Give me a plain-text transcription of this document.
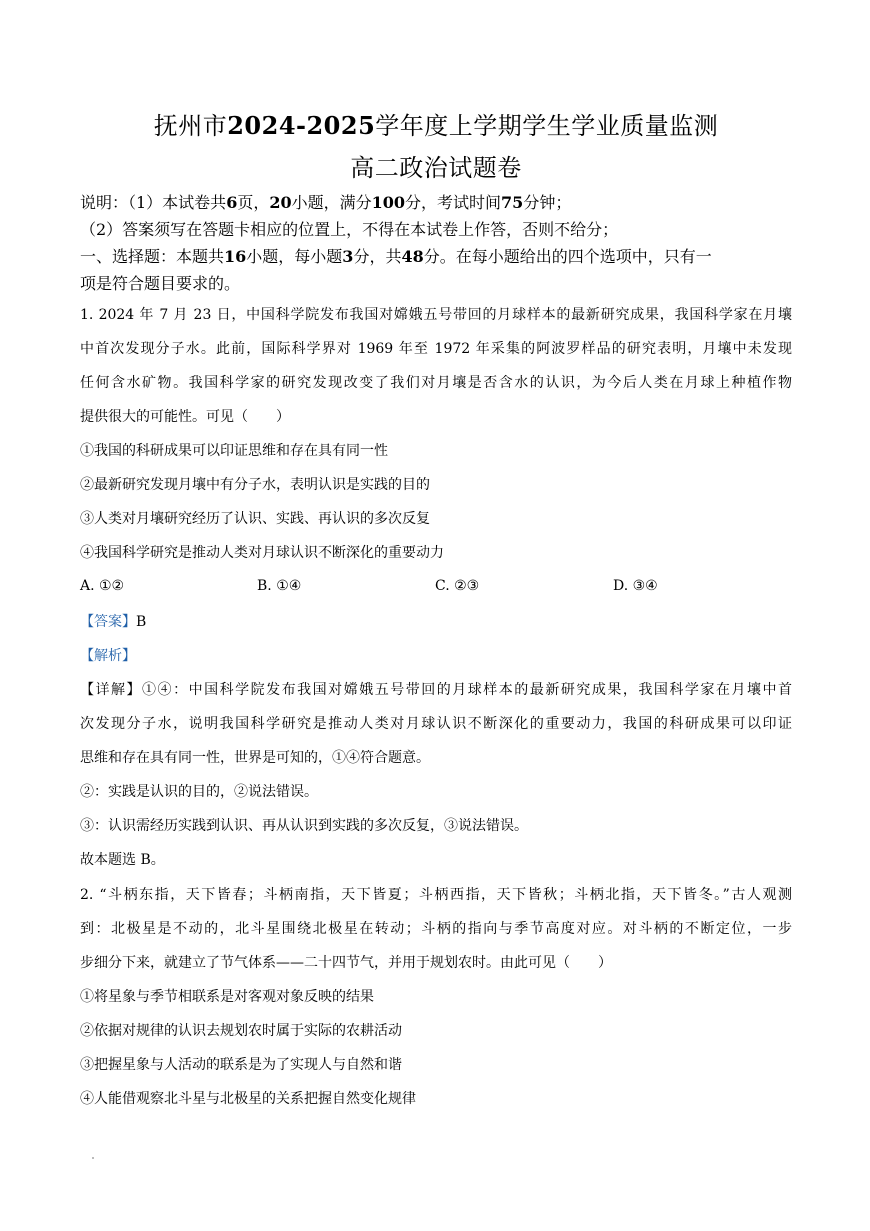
抚州市2024-2025学年度上学期学生学业质量监测
高二政治试题卷
说明：（1）本试卷共6页，20小题，满分100分，考试时间75分钟；
（2）答案须写在答题卡相应的位置上，不得在本试卷上作答，否则不给分；
一、选择题：本题共16小题，每小题3分，共48分。在每小题给出的四个选项中，只有一
项是符合题目要求的。
1. 2024 年 7 月 23 日，中国科学院发布我国对嫦娥五号带回的月球样本的最新研究成果，我国科学家在月壤
中首次发现分子水。此前，国际科学界对 1969 年至 1972 年采集的阿波罗样品的研究表明，月壤中未发现
任何含水矿物。我国科学家的研究发现改变了我们对月壤是否含水的认识，为今后人类在月球上种植作物
提供很大的可能性。可见（　　）
①我国的科研成果可以印证思维和存在具有同一性
②最新研究发现月壤中有分子水，表明认识是实践的目的
③人类对月壤研究经历了认识、实践、再认识的多次反复
④我国科学研究是推动人类对月球认识不断深化的重要动力
A. ①②	B. ①④	C. ②③	D. ③④
【答案】B
【解析】
【详解】①④：中国科学院发布我国对嫦娥五号带回的月球样本的最新研究成果，我国科学家在月壤中首
次发现分子水，说明我国科学研究是推动人类对月球认识不断深化的重要动力，我国的科研成果可以印证
思维和存在具有同一性，世界是可知的，①④符合题意。
②：实践是认识的目的，②说法错误。
③：认识需经历实践到认识、再从认识到实践的多次反复，③说法错误。
故本题选 B。
2. “斗柄东指，天下皆春；斗柄南指，天下皆夏；斗柄西指，天下皆秋；斗柄北指，天下皆冬。”古人观测
到：北极星是不动的，北斗星围绕北极星在转动；斗柄的指向与季节高度对应。对斗柄的不断定位，一步
步细分下来，就建立了节气体系——二十四节气，并用于规划农时。由此可见（　　）
①将星象与季节相联系是对客观对象反映的结果
②依据对规律的认识去规划农时属于实际的农耕活动
③把握星象与人活动的联系是为了实现人与自然和谐
④人能借观察北斗星与北极星的关系把握自然变化规律
